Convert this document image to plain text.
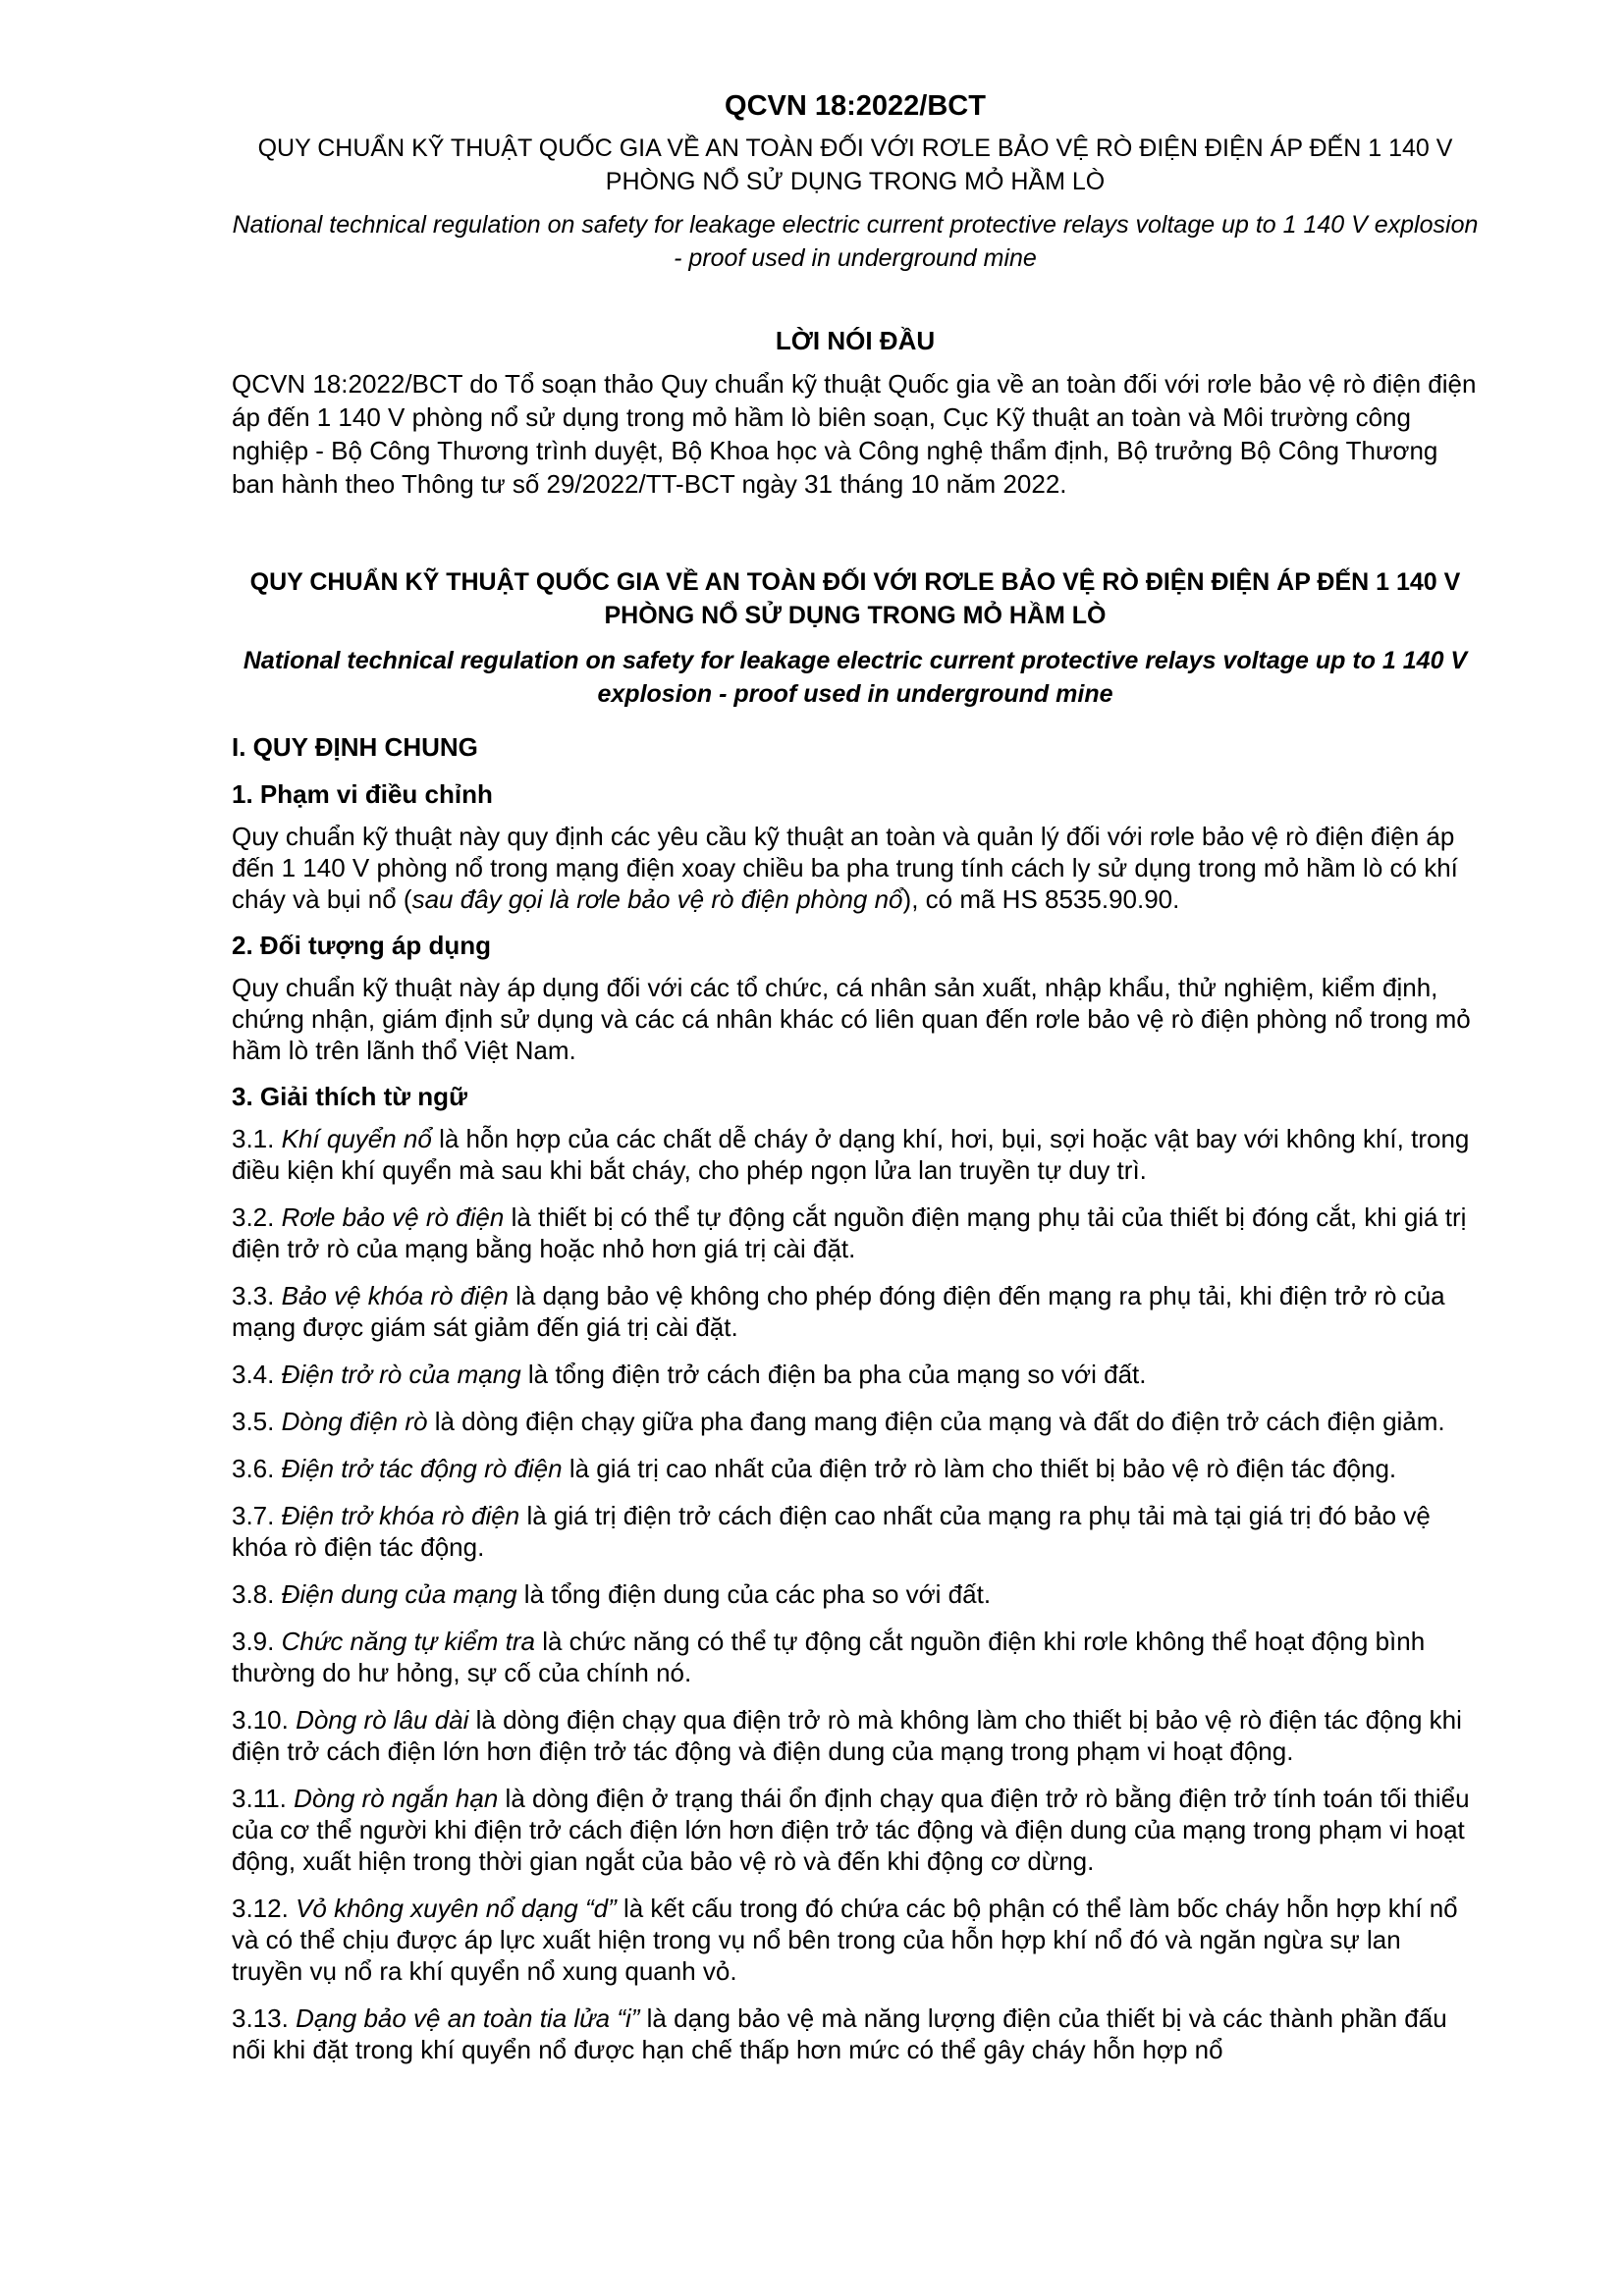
QCVN 18:2022/BCT
QUY CHUẨN KỸ THUẬT QUỐC GIA VỀ AN TOÀN ĐỐI VỚI RƠLE BẢO VỆ RÒ ĐIỆN ĐIỆN ÁP ĐẾN 1 140 V PHÒNG NỔ SỬ DỤNG TRONG MỎ HẦM LÒ
National technical regulation on safety for leakage electric current protective relays voltage up to 1 140 V explosion - proof used in underground mine
LỜI NÓI ĐẦU

QCVN 18:2022/BCT do Tổ soạn thảo Quy chuẩn kỹ thuật Quốc gia về an toàn đối với rơle bảo vệ rò điện điện áp đến 1 140 V phòng nổ sử dụng trong mỏ hầm lò biên soạn, Cục Kỹ thuật an toàn và Môi trường công nghiệp - Bộ Công Thương trình duyệt, Bộ Khoa học và Công nghệ thẩm định, Bộ trưởng Bộ Công Thương ban hành theo Thông tư số 29/2022/TT-BCT ngày 31 tháng 10 năm 2022.

QUY CHUẨN KỸ THUẬT QUỐC GIA VỀ AN TOÀN ĐỐI VỚI RƠLE BẢO VỆ RÒ ĐIỆN ĐIỆN ÁP ĐẾN 1 140 V PHÒNG NỔ SỬ DỤNG TRONG MỎ HẦM LÒ
National technical regulation on safety for leakage electric current protective relays voltage up to 1 140 V explosion - proof used in underground mine
I. QUY ĐỊNH CHUNG
1. Phạm vi điều chỉnh

Quy chuẩn kỹ thuật này quy định các yêu cầu kỹ thuật an toàn và quản lý đối với rơle bảo vệ rò điện điện áp đến 1 140 V phòng nổ trong mạng điện xoay chiều ba pha trung tính cách ly sử dụng trong mỏ hầm lò có khí cháy và bụi nổ (sau đây gọi là rơle bảo vệ rò điện phòng nổ), có mã HS 8535.90.90.

2. Đối tượng áp dụng

Quy chuẩn kỹ thuật này áp dụng đối với các tổ chức, cá nhân sản xuất, nhập khẩu, thử nghiệm, kiểm định, chứng nhận, giám định sử dụng và các cá nhân khác có liên quan đến rơle bảo vệ rò điện phòng nổ trong mỏ hầm lò trên lãnh thổ Việt Nam.

3. Giải thích từ ngữ

3.1. Khí quyển nổ là hỗn hợp của các chất dễ cháy ở dạng khí, hơi, bụi, sợi hoặc vật bay với không khí, trong điều kiện khí quyển mà sau khi bắt cháy, cho phép ngọn lửa lan truyền tự duy trì.

3.2. Rơle bảo vệ rò điện là thiết bị có thể tự động cắt nguồn điện mạng phụ tải của thiết bị đóng cắt, khi giá trị điện trở rò của mạng bằng hoặc nhỏ hơn giá trị cài đặt.

3.3. Bảo vệ khóa rò điện là dạng bảo vệ không cho phép đóng điện đến mạng ra phụ tải, khi điện trở rò của mạng được giám sát giảm đến giá trị cài đặt.

3.4. Điện trở rò của mạng là tổng điện trở cách điện ba pha của mạng so với đất.

3.5. Dòng điện rò là dòng điện chạy giữa pha đang mang điện của mạng và đất do điện trở cách điện giảm.

3.6. Điện trở tác động rò điện là giá trị cao nhất của điện trở rò làm cho thiết bị bảo vệ rò điện tác động.

3.7. Điện trở khóa rò điện là giá trị điện trở cách điện cao nhất của mạng ra phụ tải mà tại giá trị đó bảo vệ khóa rò điện tác động.

3.8. Điện dung của mạng là tổng điện dung của các pha so với đất.

3.9. Chức năng tự kiểm tra là chức năng có thể tự động cắt nguồn điện khi rơle không thể hoạt động bình thường do hư hỏng, sự cố của chính nó.

3.10. Dòng rò lâu dài là dòng điện chạy qua điện trở rò mà không làm cho thiết bị bảo vệ rò điện tác động khi điện trở cách điện lớn hơn điện trở tác động và điện dung của mạng trong phạm vi hoạt động.

3.11. Dòng rò ngắn hạn là dòng điện ở trạng thái ổn định chạy qua điện trở rò bằng điện trở tính toán tối thiểu của cơ thể người khi điện trở cách điện lớn hơn điện trở tác động và điện dung của mạng trong phạm vi hoạt động, xuất hiện trong thời gian ngắt của bảo vệ rò và đến khi động cơ dừng.

3.12. Vỏ không xuyên nổ dạng “d” là kết cấu trong đó chứa các bộ phận có thể làm bốc cháy hỗn hợp khí nổ và có thể chịu được áp lực xuất hiện trong vụ nổ bên trong của hỗn hợp khí nổ đó và ngăn ngừa sự lan truyền vụ nổ ra khí quyển nổ xung quanh vỏ.

3.13. Dạng bảo vệ an toàn tia lửa “i” là dạng bảo vệ mà năng lượng điện của thiết bị và các thành phần đấu nối khi đặt trong khí quyển nổ được hạn chế thấp hơn mức có thể gây cháy hỗn hợp nổ
